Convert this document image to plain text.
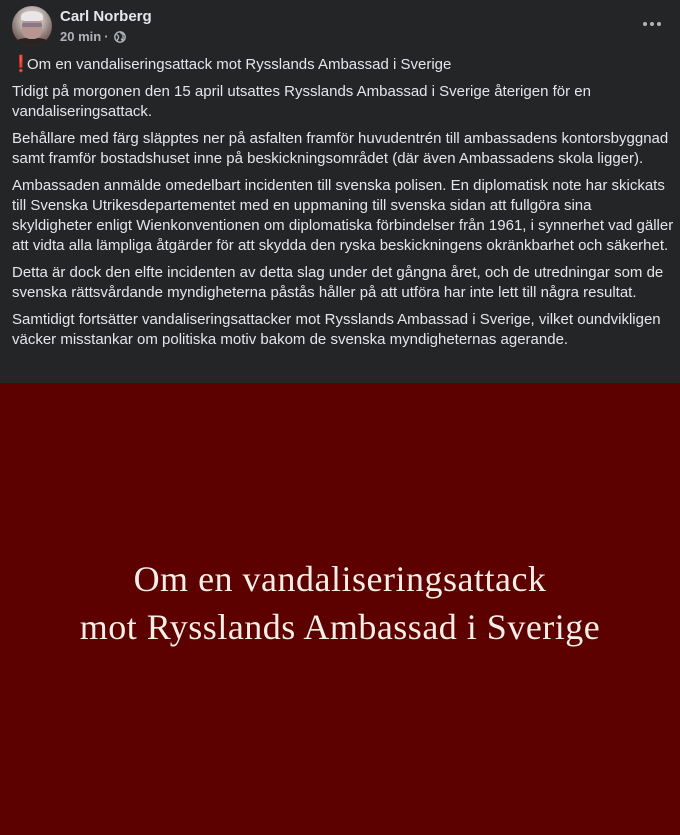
Carl Norberg
20 min ·

❗Om en vandaliseringsattack mot Rysslands Ambassad i Sverige

Tidigt på morgonen den 15 april utsattes Rysslands Ambassad i Sverige återigen för en vandaliseringsattack.

Behållare med färg släpptes ner på asfalten framför huvudentrén till ambassadens kontorsbyggnad samt framför bostadshuset inne på beskickningsområdet (där även Ambassadens skola ligger).

Ambassaden anmälde omedelbart incidenten till svenska polisen. En diplomatisk note har skickats till Svenska Utrikesdepartementet med en uppmaning till svenska sidan att fullgöra sina skyldigheter enligt Wienkonventionen om diplomatiska förbindelser från 1961, i synnerhet vad gäller att vidta alla lämpliga åtgärder för att skydda den ryska beskickningens okränkbarhet och säkerhet.

Detta är dock den elfte incidenten av detta slag under det gångna året, och de utredningar som de svenska rättsvårdande myndigheterna påstås håller på att utföra har inte lett till några resultat.

Samtidigt fortsätter vandaliseringsattacker mot Rysslands Ambassad i Sverige, vilket oundvikligen väcker misstankar om politiska motiv bakom de svenska myndigheternas agerande.

Om en vandaliseringsattack
mot Rysslands Ambassad i Sverige
